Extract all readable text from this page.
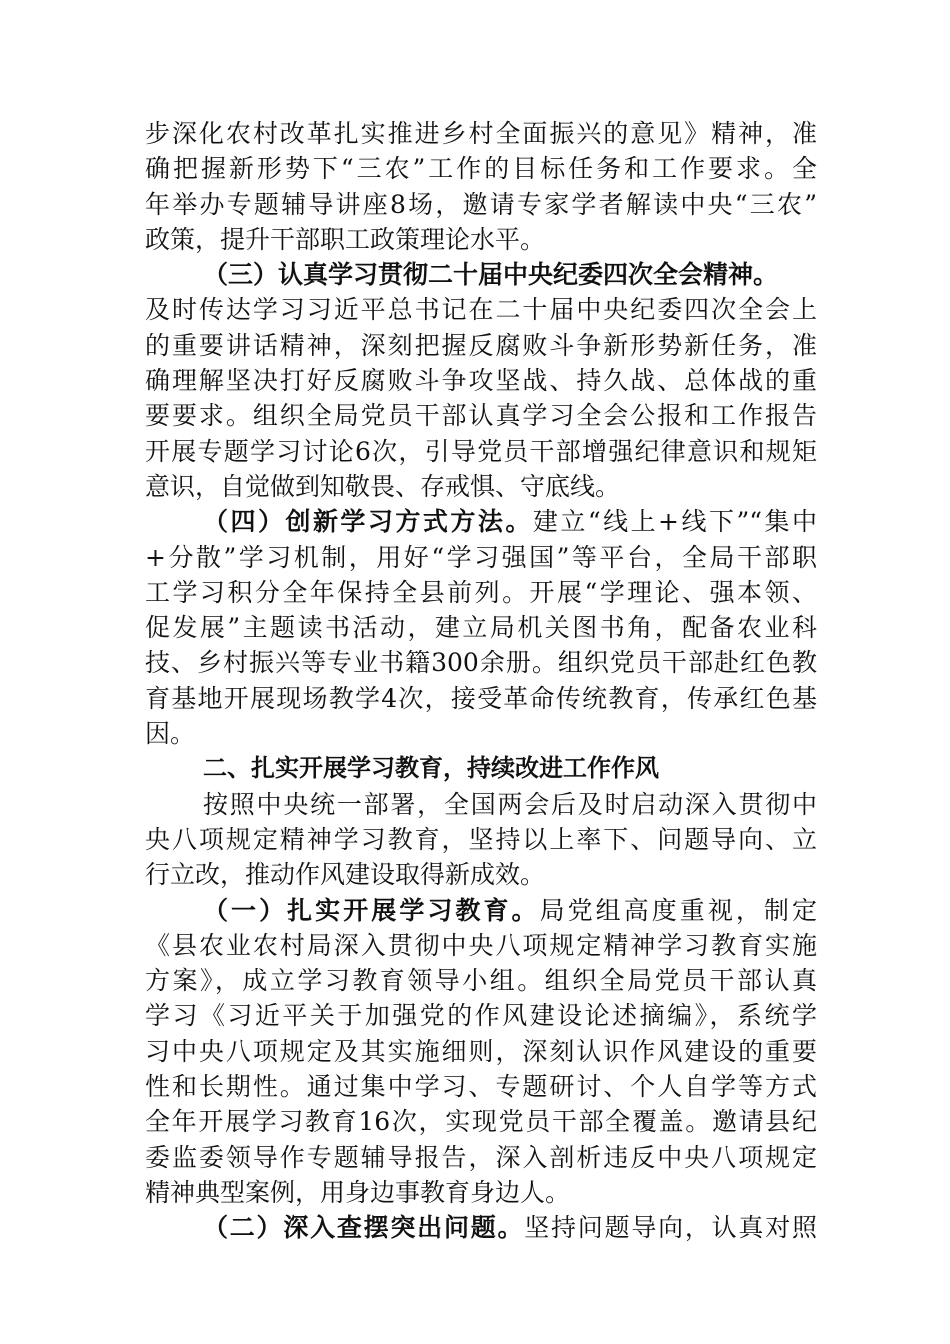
步深化农村改革扎实推进乡村全面振兴的意见》精神，准
确把握新形势下“三农”工作的目标任务和工作要求。全
年举办专题辅导讲座8场，邀请专家学者解读中央“三农”
政策，提升干部职工政策理论水平。
（三）认真学习贯彻二十届中央纪委四次全会精神。
及时传达学习习近平总书记在二十届中央纪委四次全会上
的重要讲话精神，深刻把握反腐败斗争新形势新任务，准
确理解坚决打好反腐败斗争攻坚战、持久战、总体战的重
要要求。组织全局党员干部认真学习全会公报和工作报告
开展专题学习讨论6次，引导党员干部增强纪律意识和规矩
意识，自觉做到知敬畏、存戒惧、守底线。
（四）创新学习方式方法。建立“线上+线下”“集中
+分散”学习机制，用好“学习强国”等平台，全局干部职
工学习积分全年保持全县前列。开展“学理论、强本领、
促发展”主题读书活动，建立局机关图书角，配备农业科
技、乡村振兴等专业书籍300余册。组织党员干部赴红色教
育基地开展现场教学4次，接受革命传统教育，传承红色基
因。
二、扎实开展学习教育，持续改进工作作风
按照中央统一部署，全国两会后及时启动深入贯彻中
央八项规定精神学习教育，坚持以上率下、问题导向、立
行立改，推动作风建设取得新成效。
（一）扎实开展学习教育。局党组高度重视，制定
《县农业农村局深入贯彻中央八项规定精神学习教育实施
方案》，成立学习教育领导小组。组织全局党员干部认真
学习《习近平关于加强党的作风建设论述摘编》，系统学
习中央八项规定及其实施细则，深刻认识作风建设的重要
性和长期性。通过集中学习、专题研讨、个人自学等方式
全年开展学习教育16次，实现党员干部全覆盖。邀请县纪
委监委领导作专题辅导报告，深入剖析违反中央八项规定
精神典型案例，用身边事教育身边人。
（二）深入查摆突出问题。坚持问题导向，认真对照
